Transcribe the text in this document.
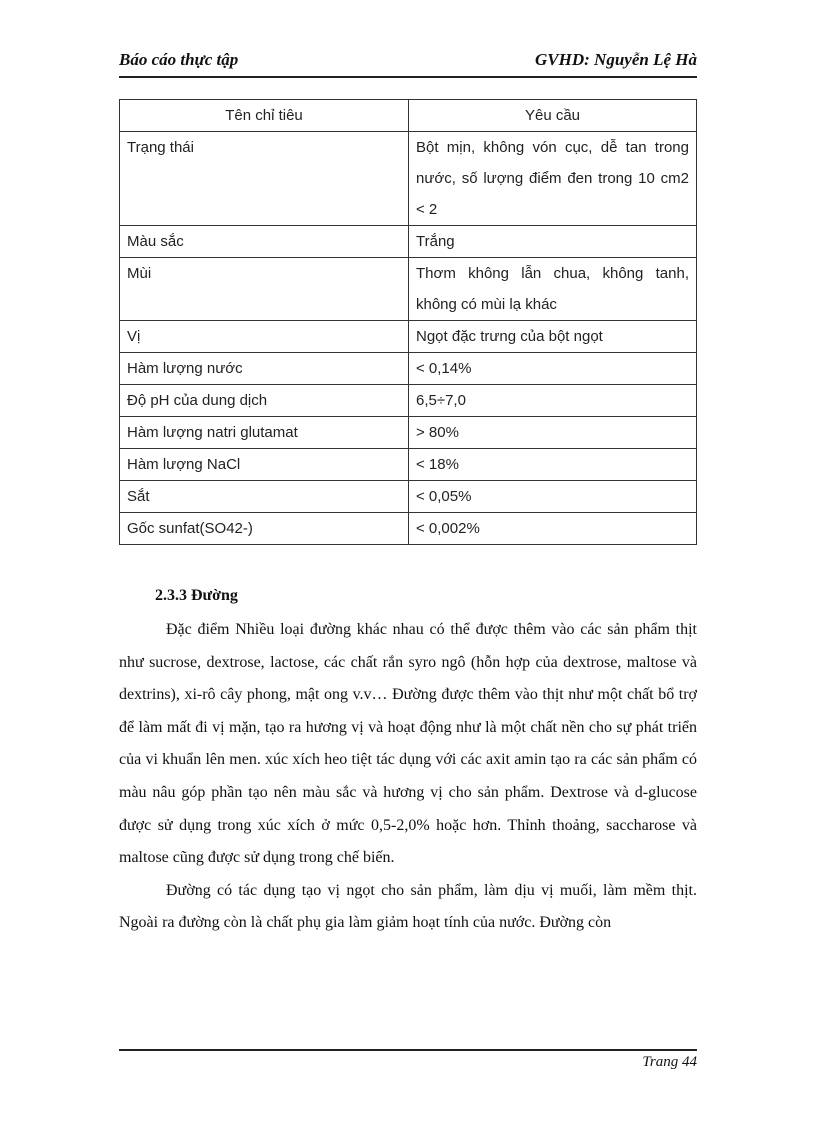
Báo cáo thực tập	GVHD: Nguyễn Lệ Hà
Tên chỉ tiêu	Yêu cầu
Trạng thái	Bột mịn, không vón cục, dễ tan trong nước, số lượng điểm đen trong 10 cm2 < 2
Màu sắc	Trắng
Mùi	Thơm không lẫn chua, không tanh, không có mùi lạ khác
Vị	Ngọt đặc trưng của bột ngọt
Hàm lượng nước	< 0,14%
Độ pH của dung dịch	6,5÷7,0
Hàm lượng natri glutamat	> 80%
Hàm lượng NaCl	< 18%
Sắt	< 0,05%
Gốc sunfat(SO42-)	< 0,002%
2.3.3 Đường

Đặc điểm Nhiều loại đường khác nhau có thể được thêm vào các sản phẩm thịt như sucrose, dextrose, lactose, các chất rắn syro ngô (hỗn hợp của dextrose, maltose và dextrins), xi-rô cây phong, mật ong v.v… Đường được thêm vào thịt như một chất bổ trợ để làm mất đi vị mặn, tạo ra hương vị và hoạt động như là một chất nền cho sự phát triển của vi khuẩn lên men. xúc xích heo tiệt tác dụng với các axit amin tạo ra các sản phẩm có màu nâu góp phần tạo nên màu sắc và hương vị cho sản phẩm. Dextrose và d-glucose được sử dụng trong xúc xích ở mức 0,5-2,0% hoặc hơn. Thỉnh thoảng, saccharose và maltose cũng được sử dụng trong chế biến.

Đường có tác dụng tạo vị ngọt cho sản phẩm, làm dịu vị muối, làm mềm thịt. Ngoài ra đường còn là chất phụ gia làm giảm hoạt tính của nước. Đường còn

Trang 44
